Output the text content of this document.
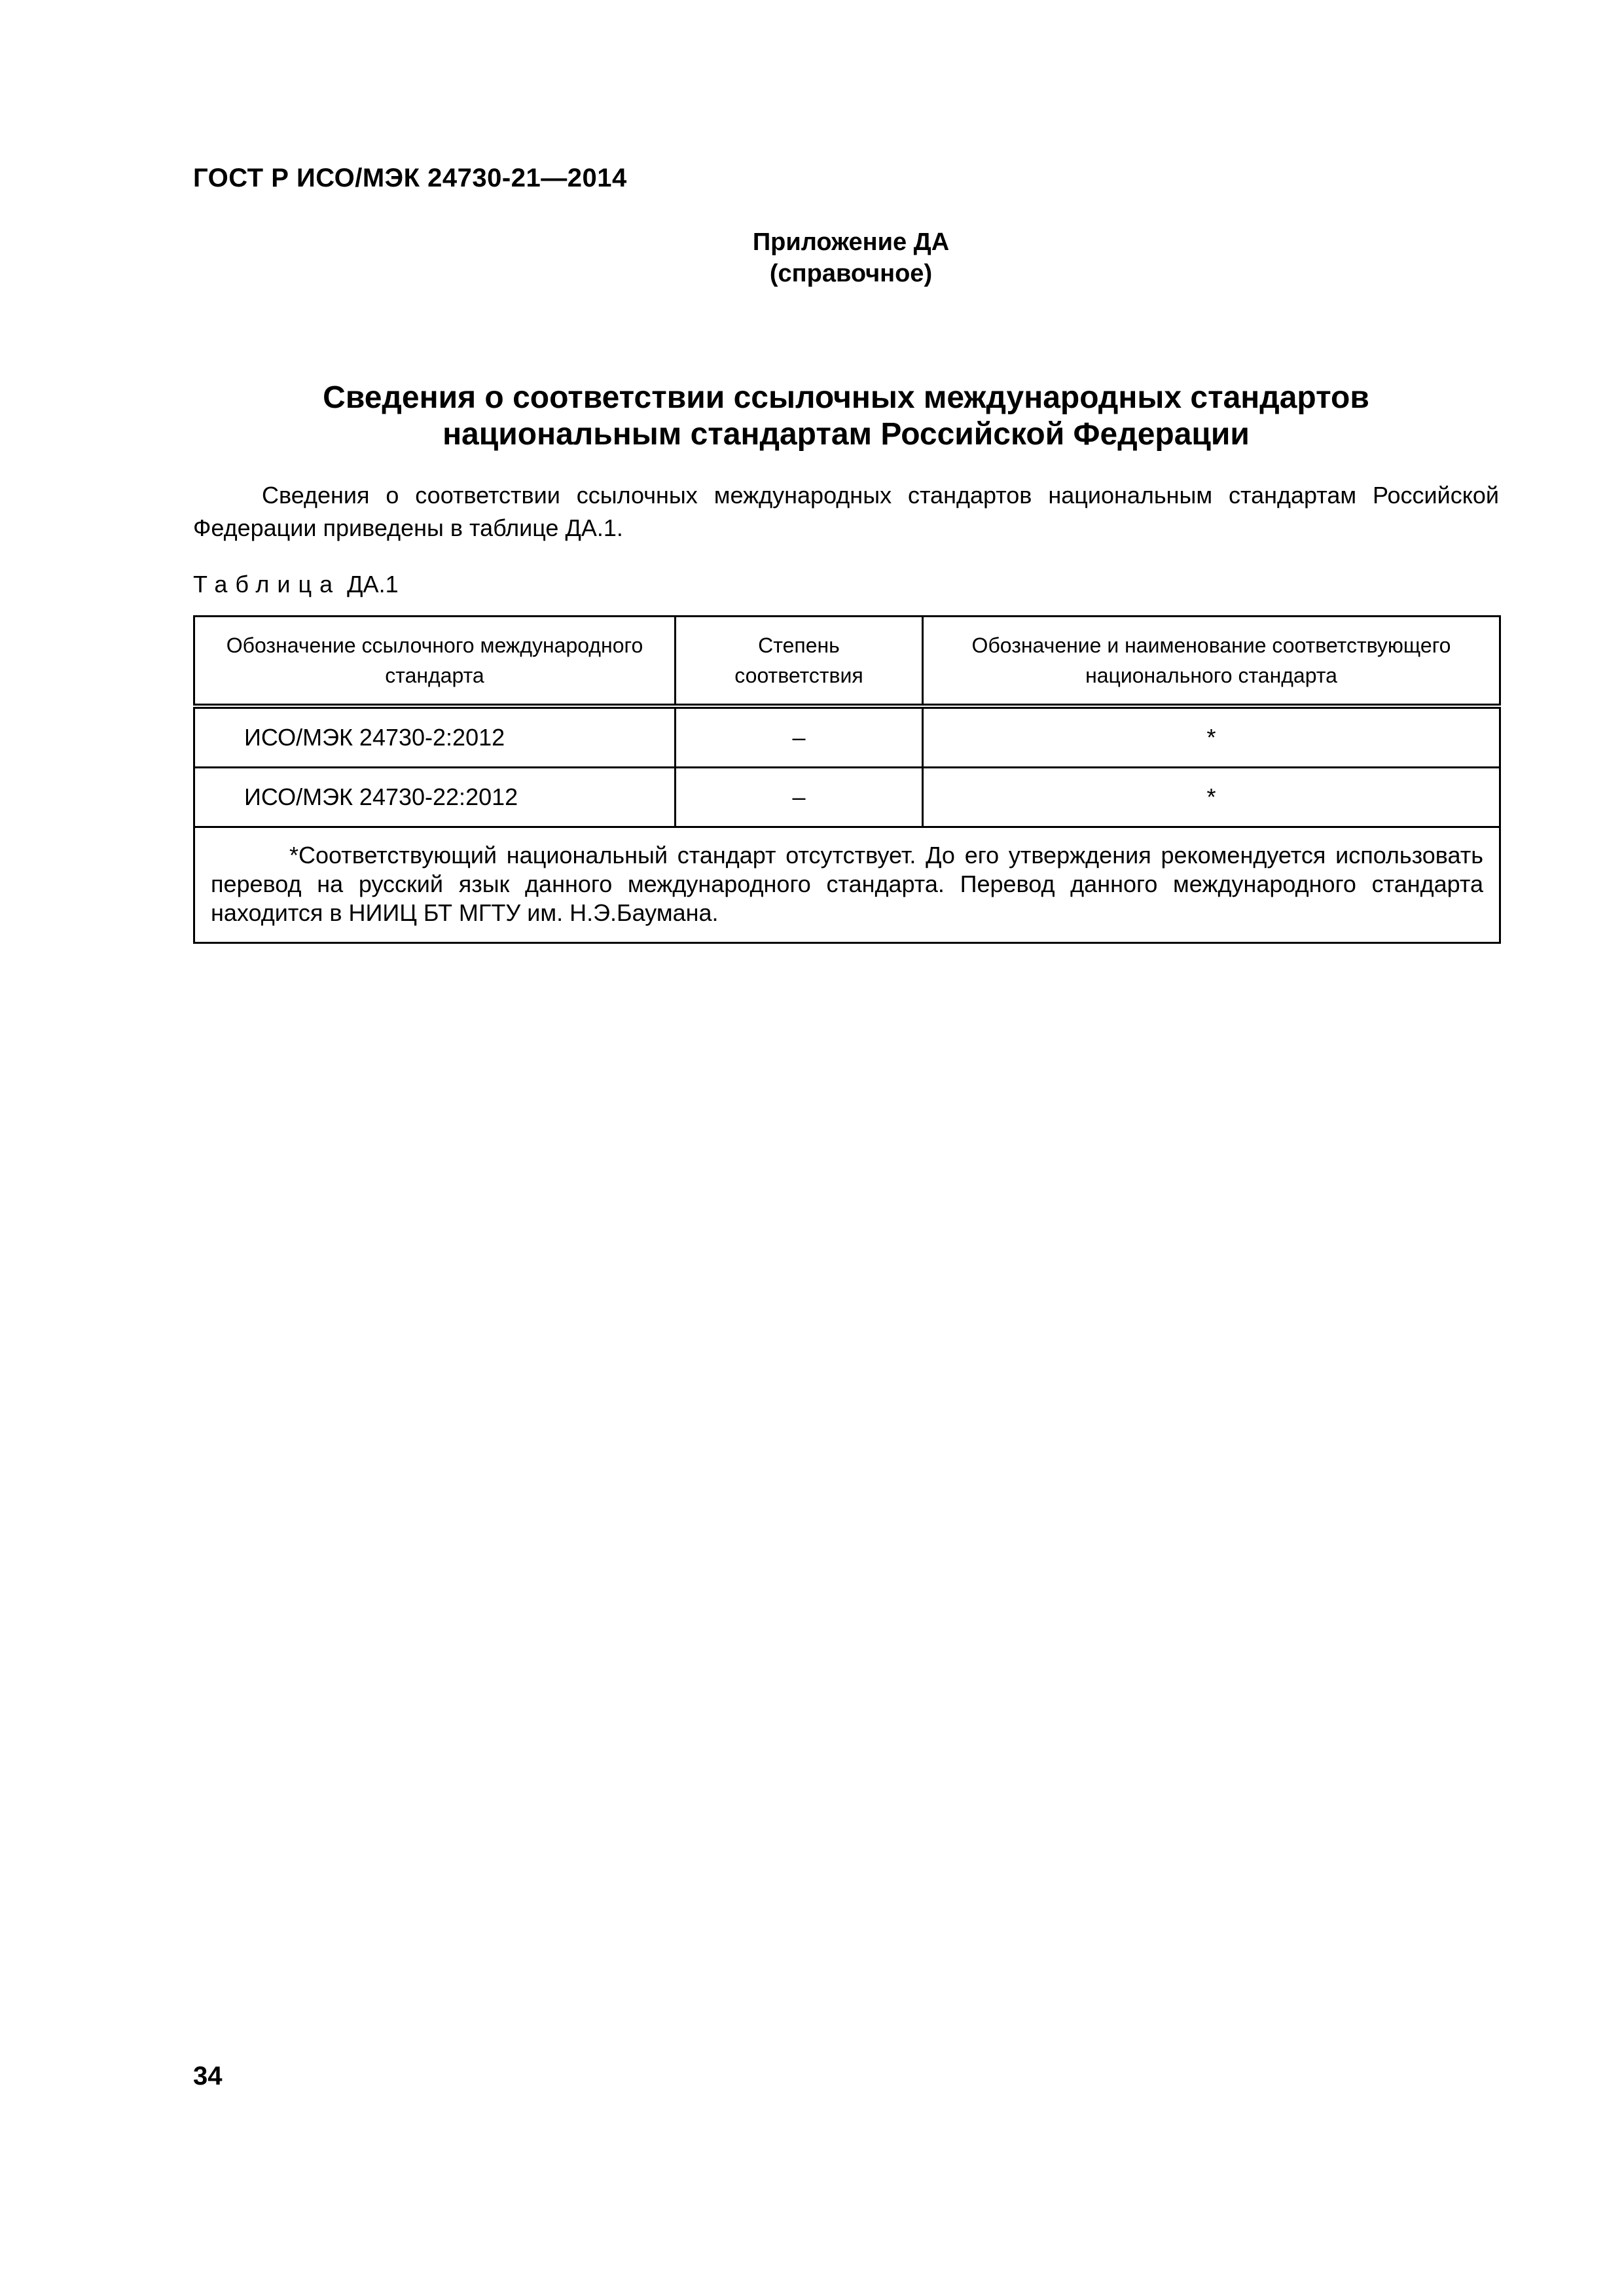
ГОСТ Р ИСО/МЭК 24730-21—2014
Приложение ДА
(справочное)
Сведения о соответствии ссылочных международных стандартов
национальным стандартам Российской Федерации
Сведения о соответствии ссылочных международных стандартов национальным стандартам Российской Федерации приведены в таблице ДА.1.
Таблица ДА.1
Обозначение ссылочного международного стандарта	Степень соответствия	Обозначение и наименование соответствующего национального стандарта
ИСО/МЭК 24730-2:2012	–	*
ИСО/МЭК 24730-22:2012	–	*
*Соответствующий национальный стандарт отсутствует. До его утверждения рекомендуется использовать перевод на русский язык данного международного стандарта. Перевод данного международного стандарта находится в НИИЦ БТ МГТУ им. Н.Э.Баумана.		
34
